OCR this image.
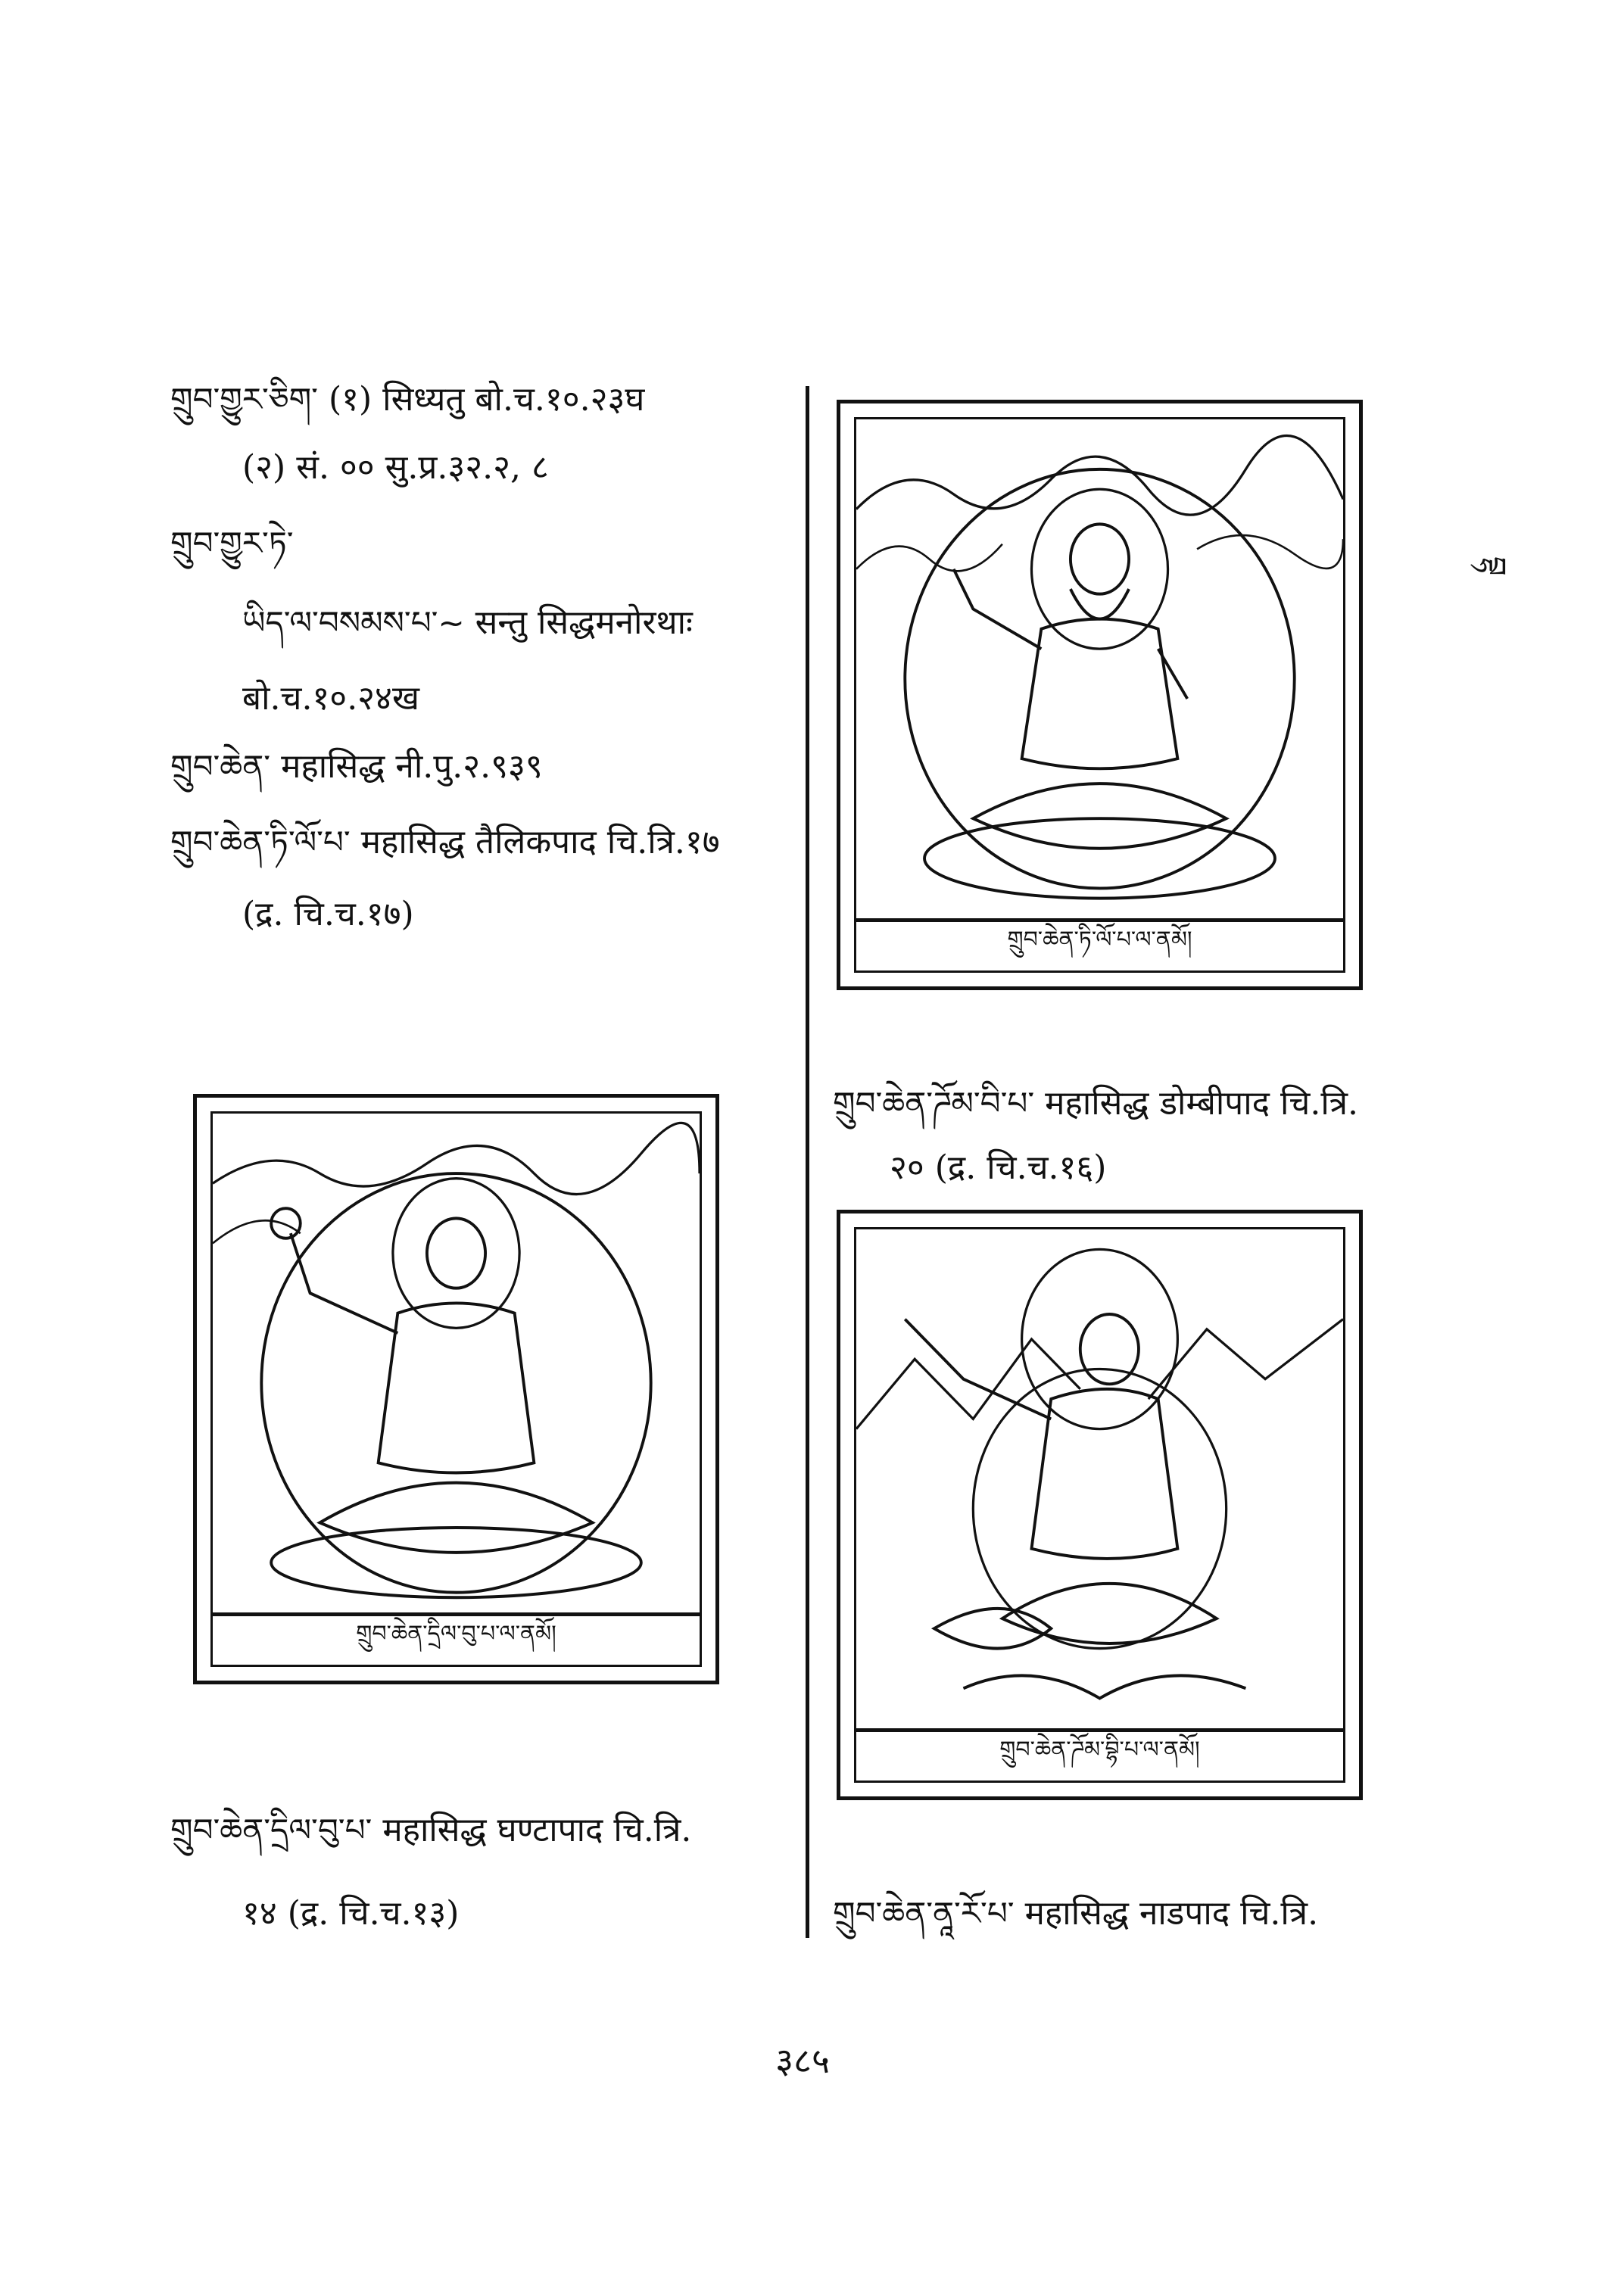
གྲུབ་གྱུར་ཅིག་ (१) सिध्यतु बो.च.१०.२३घ
(२) सं. ०० सु.प्र.३२.२, ८
གྲུབ་གྱུར་ཏེ་
ཡིད་ལ་བསམས་པ་~ सन्तु सिद्धमनोरथाः
बो.च.१०.२४ख
གྲུབ་ཆེན་ महासिद्ध नी.पु.२.९३९
གྲུབ་ཆེན་ཏི་ལོ་པ་ महासिद्ध तैलिकपाद चि.त्रि.१७
(द्र. चि.च.१७)
གྲུབ་ཆེན་ཌོམ་བི་པ་ महासिद्ध डोम्बीपाद चि.त्रि.
२० (द्र. चि.च.१६)
གྲུབ་ཆེན་དྲིལ་བུ་པ་ महासिद्ध घण्टापाद चि.त्रि.
१४ (द्र. चि.च.१३)	གྲུབ་ཆེན་ནཱ་རོ་པ་ महासिद्ध नाडपाद चि.त्रि.
གྲུབ་ཆེན་ཏི་ལོ་པ་ལ་ནམོ།
གྲུབ་ཆེན་དྲིལ་བུ་པ་ལ་ནམོ།
གྲུབ་ཆེན་ཌོམ་བྷི་པ་ལ་ནམོ།
བྷ
३८५
